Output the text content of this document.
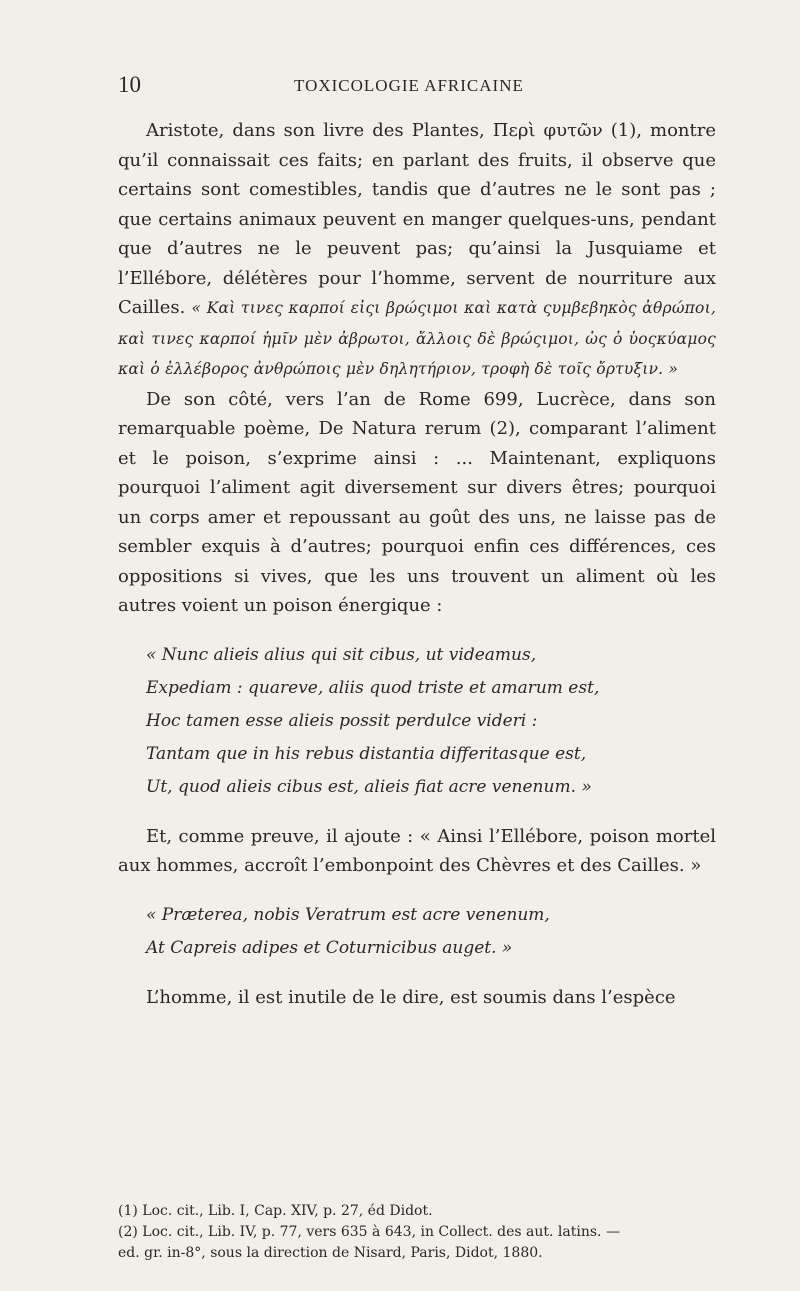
10	TOXICOLOGIE AFRICAINE

Aristote, dans son livre des Plantes, Περὶ φυτῶν (1), montre qu’il connaissait ces faits; en parlant des fruits, il observe que certains sont comestibles, tandis que d’autres ne le sont pas ; que certains animaux peuvent en manger quelques-uns, pendant que d’autres ne le peuvent pas; qu’ainsi la Jusquiame et l’Ellébore, délétères pour l’homme, servent de nourriture aux Cailles. « Καὶ τινες καρποί εἰςι βρώςιμοι καὶ κατὰ ςυμβεβηκὸς ἀθρώποι, καὶ τινες καρποί ἡμῖν μὲν ἀβρωτοι, ἄλλοις δὲ βρώςιμοι, ὡς ὁ ὑοςκύαμος καὶ ὁ ἐλλέβορος ἀνθρώποις μὲν δηλητήριον, τροφὴ δὲ τοῖς ὄρτυξιν. »

De son côté, vers l’an de Rome 699, Lucrèce, dans son remarquable poème, De Natura rerum (2), comparant l’aliment et le poison, s’exprime ainsi : ... Maintenant, expliquons pourquoi l’aliment agit diversement sur divers êtres; pourquoi un corps amer et repoussant au goût des uns, ne laisse pas de sembler exquis à d’autres; pourquoi enfin ces différences, ces oppositions si vives, que les uns trouvent un aliment où les autres voient un poison énergique :

« Nunc alieis alius qui sit cibus, ut videamus,
Expediam : quareve, aliis quod triste et amarum est,
Hoc tamen esse alieis possit perdulce videri :
Tantam que in his rebus distantia differitasque est,
Ut, quod alieis cibus est, alieis fiat acre venenum. »

Et, comme preuve, il ajoute : « Ainsi l’Ellébore, poison mortel aux hommes, accroît l’embonpoint des Chèvres et des Cailles. »

« Præterea, nobis Veratrum est acre venenum,
At Capreis adipes et Coturnicibus auget. »

L’homme, il est inutile de le dire, est soumis dans l’espèce

(1) Loc. cit., Lib. I, Cap. XIV, p. 27, éd Didot.
(2) Loc. cit., Lib. IV, p. 77, vers 635 à 643, in Collect. des aut. latins. —
ed. gr. in-8°, sous la direction de Nisard, Paris, Didot, 1880.
